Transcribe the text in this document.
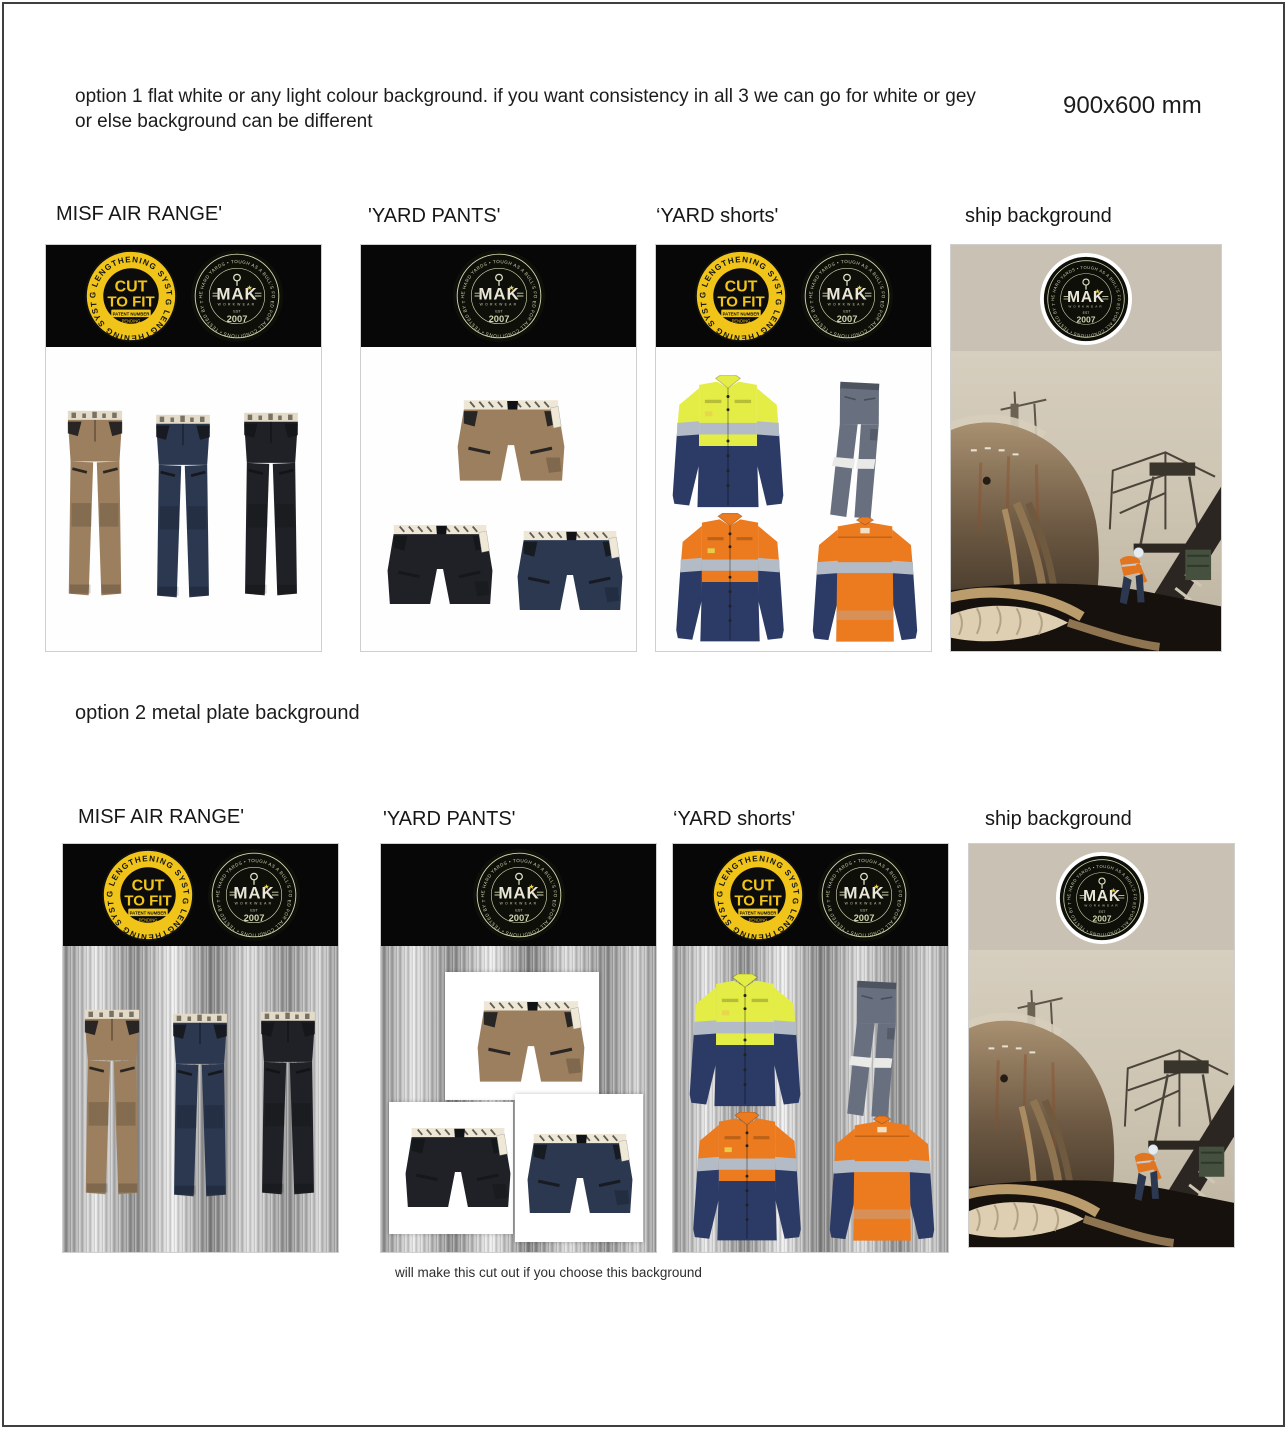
option 1 flat white or any light colour background. if you want consistency in all 3 we can go for white or gey
or else background can be different
900x600 mm
MISF AIR RANGE'	'YARD PANTS'	‘YARD shorts'	ship background
option 2 metal plate background
MISF AIR RANGE'	'YARD PANTS'	‘YARD shorts'	ship background
will make this cut out if you choose this background
